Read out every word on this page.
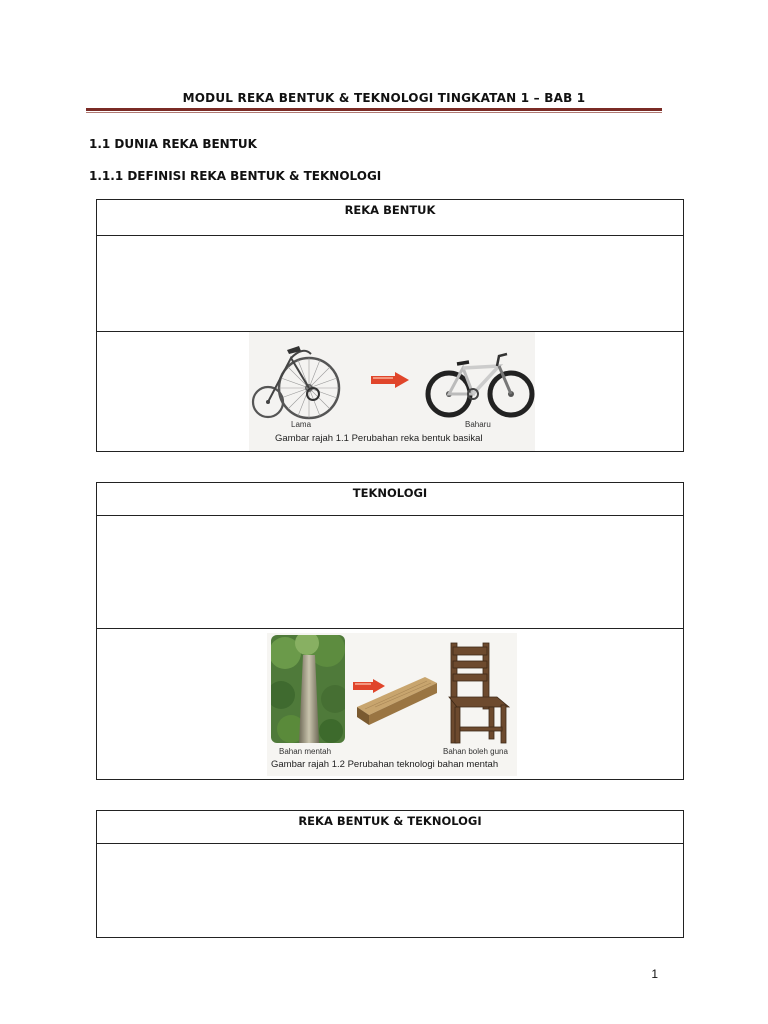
MODUL REKA BENTUK & TEKNOLOGI TINGKATAN 1 – BAB 1
1.1 DUNIA REKA BENTUK
1.1.1 DEFINISI REKA BENTUK & TEKNOLOGI
REKA BENTUK
Lama	Baharu
Gambar rajah 1.1 Perubahan reka bentuk basikal
TEKNOLOGI
Bahan mentah	Bahan boleh guna
Gambar rajah 1.2 Perubahan teknologi bahan mentah
REKA BENTUK & TEKNOLOGI
1
